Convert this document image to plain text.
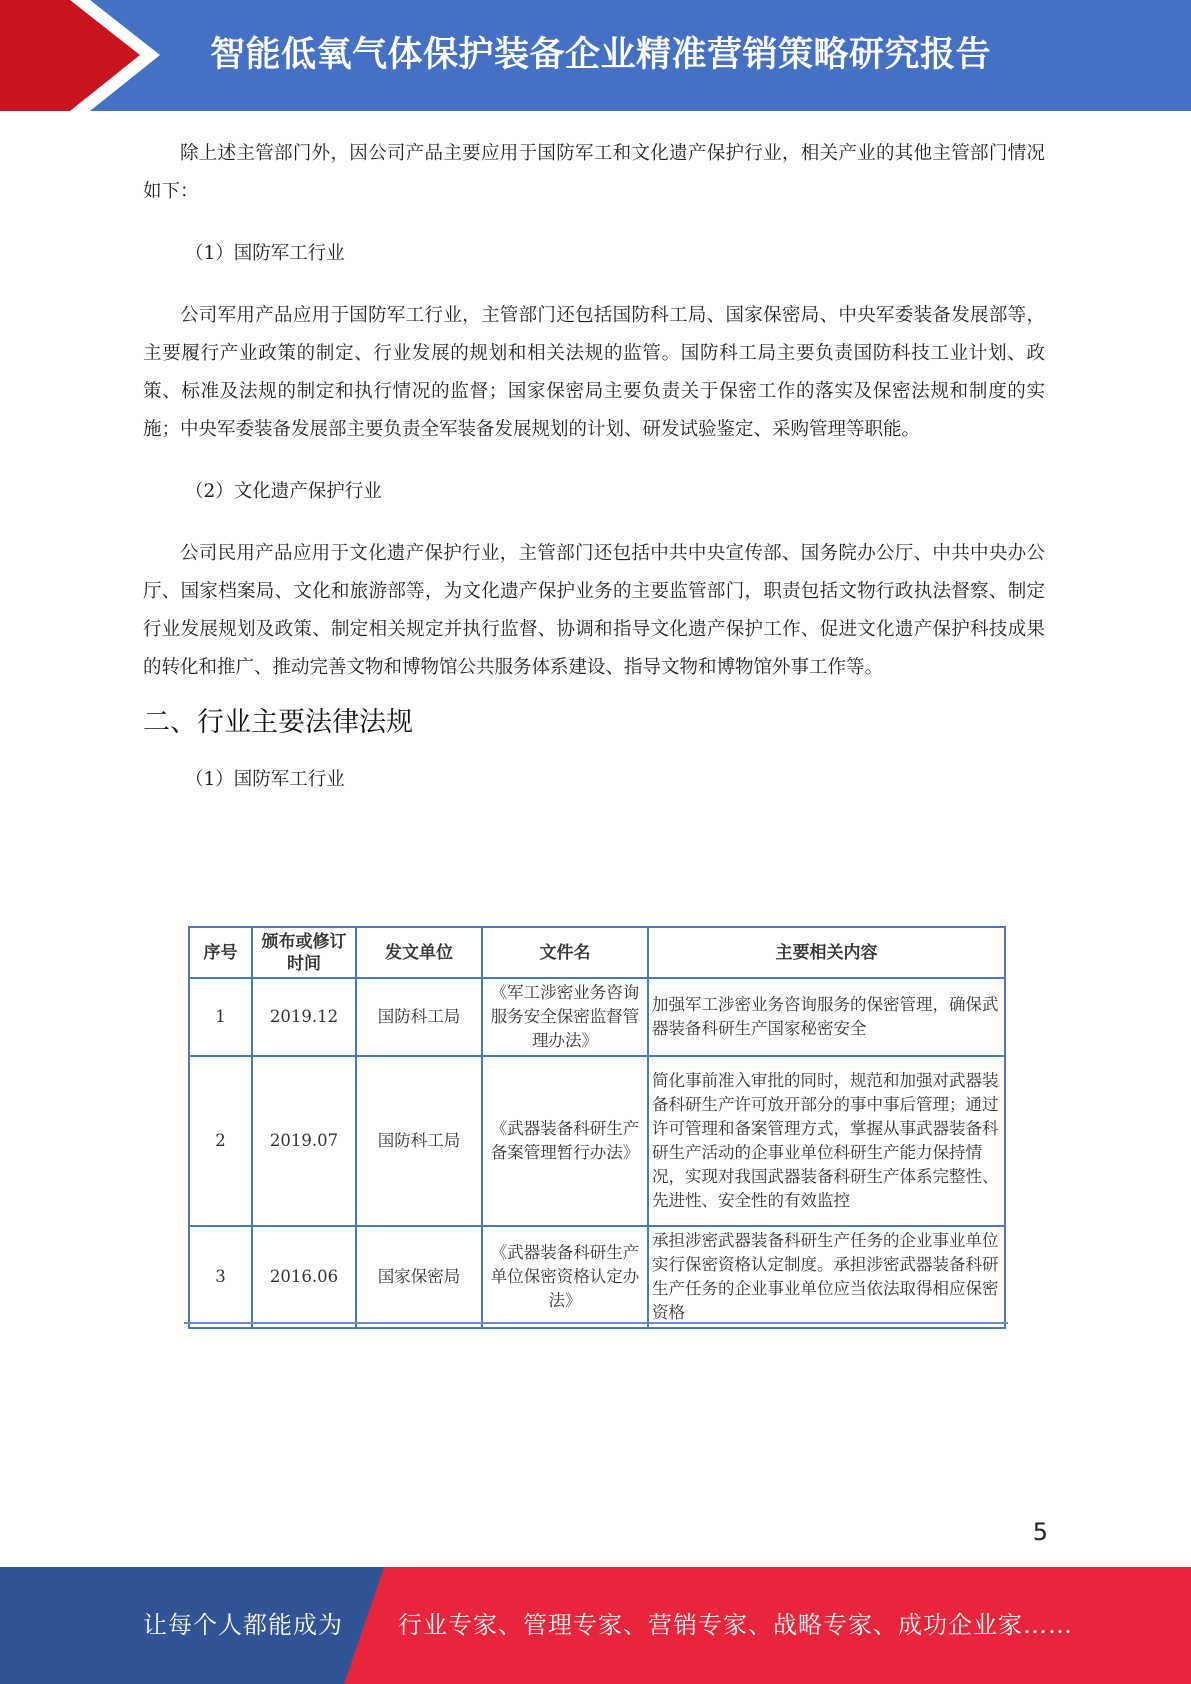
智能低氧气体保护装备企业精准营销策略研究报告

除上述主管部门外，因公司产品主要应用于国防军工和文化遗产保护行业，相关产业的其他主管部门情况如下：

（1）国防军工行业

公司军用产品应用于国防军工行业，主管部门还包括国防科工局、国家保密局、中央军委装备发展部等，主要履行产业政策的制定、行业发展的规划和相关法规的监管。国防科工局主要负责国防科技工业计划、政策、标准及法规的制定和执行情况的监督；国家保密局主要负责关于保密工作的落实及保密法规和制度的实施；中央军委装备发展部主要负责全军装备发展规划的计划、研发试验鉴定、采购管理等职能。

（2）文化遗产保护行业

公司民用产品应用于文化遗产保护行业，主管部门还包括中共中央宣传部、国务院办公厅、中共中央办公厅、国家档案局、文化和旅游部等，为文化遗产保护业务的主要监管部门，职责包括文物行政执法督察、制定行业发展规划及政策、制定相关规定并执行监督、协调和指导文化遗产保护工作、促进文化遗产保护科技成果的转化和推广、推动完善文物和博物馆公共服务体系建设、指导文物和博物馆外事工作等。

二、行业主要法律法规

（1）国防军工行业

序号	颁布或修订时间	发文单位	文件名	主要相关内容
1	2019.12	国防科工局	《军工涉密业务咨询服务安全保密监督管理办法》	加强军工涉密业务咨询服务的保密管理，确保武器装备科研生产国家秘密安全
2	2019.07	国防科工局	《武器装备科研生产备案管理暂行办法》	简化事前准入审批的同时，规范和加强对武器装备科研生产许可放开部分的事中事后管理；通过许可管理和备案管理方式，掌握从事武器装备科研生产活动的企事业单位科研生产能力保持情况，实现对我国武器装备科研生产体系完整性、先进性、安全性的有效监控
3	2016.06	国家保密局	《武器装备科研生产单位保密资格认定办法》	承担涉密武器装备科研生产任务的企业事业单位实行保密资格认定制度。承担涉密武器装备科研生产任务的企业事业单位应当依法取得相应保密资格
5
让每个人都能成为 行业专家、管理专家、营销专家、战略专家、成功企业家……
